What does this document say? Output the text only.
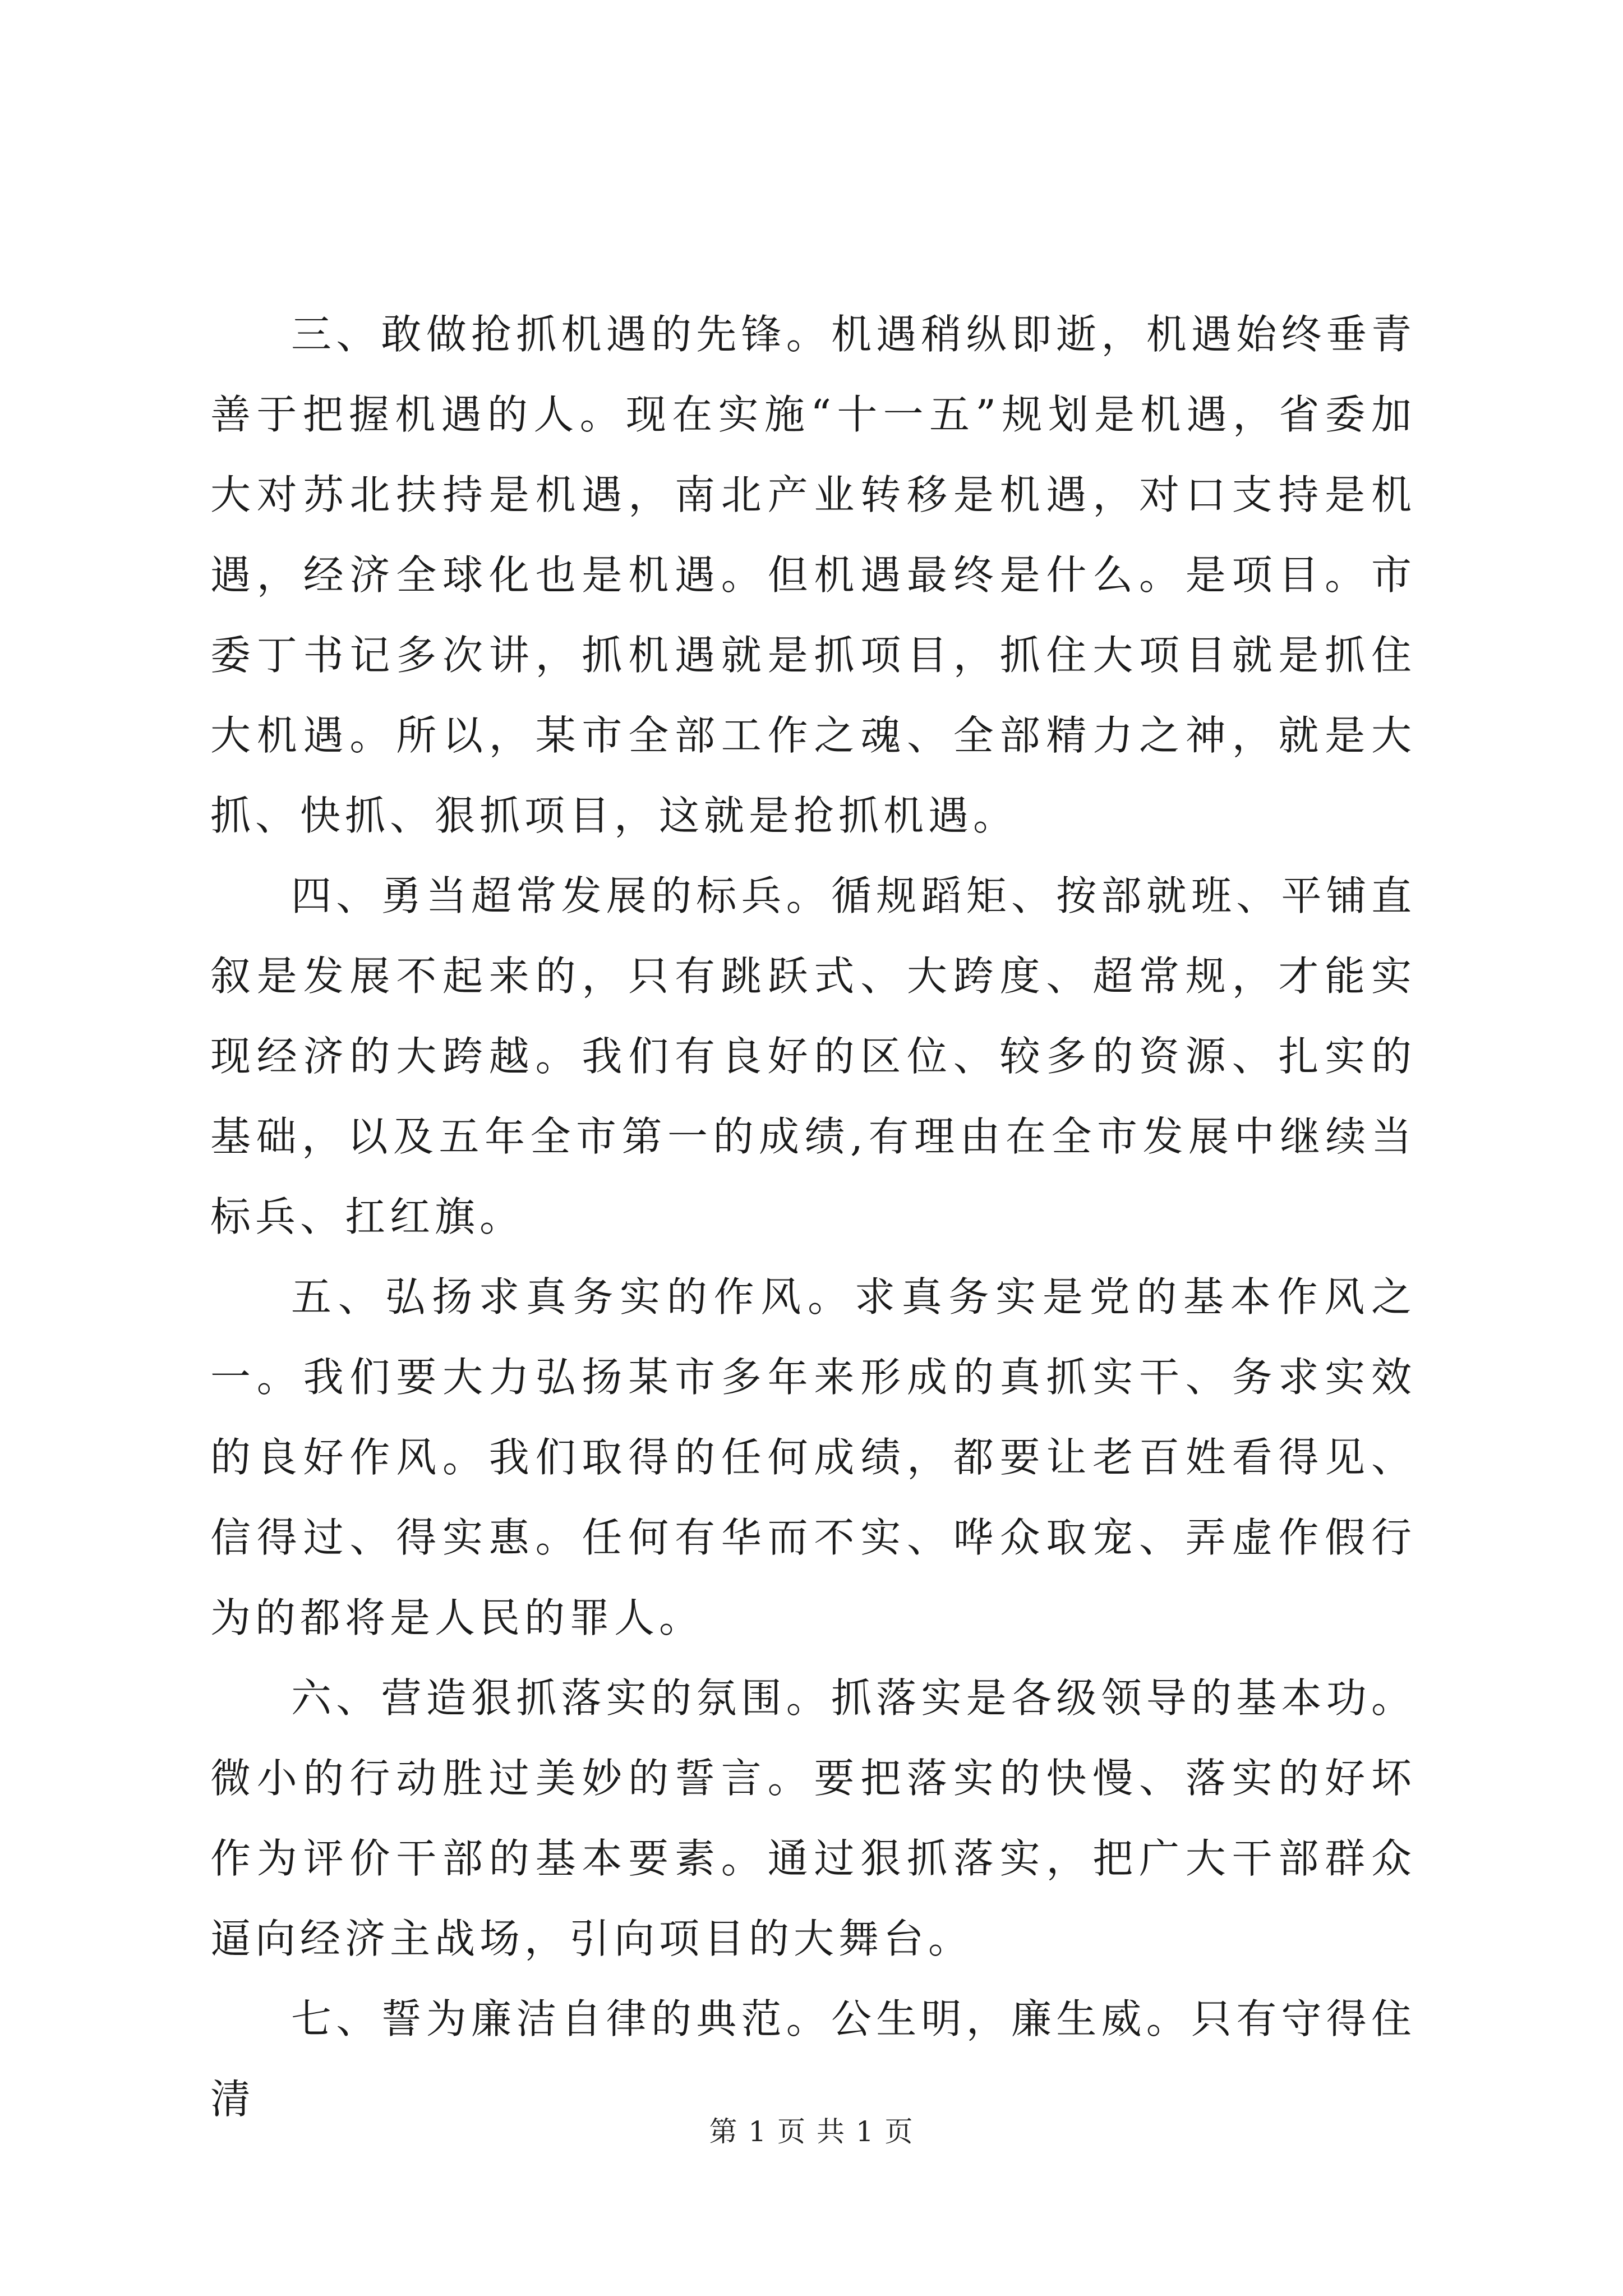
三、敢做抢抓机遇的先锋。机遇稍纵即逝，机遇始终垂青善于把握机遇的人。现在实施“十一五”规划是机遇，省委加大对苏北扶持是机遇，南北产业转移是机遇，对口支持是机遇，经济全球化也是机遇。但机遇最终是什么。是项目。市委丁书记多次讲，抓机遇就是抓项目，抓住大项目就是抓住大机遇。所以，某市全部工作之魂、全部精力之神，就是大抓、快抓、狠抓项目，这就是抢抓机遇。

四、勇当超常发展的标兵。循规蹈矩、按部就班、平铺直叙是发展不起来的，只有跳跃式、大跨度、超常规，才能实现经济的大跨越。我们有良好的区位、较多的资源、扎实的基础，以及五年全市第一的成绩,有理由在全市发展中继续当标兵、扛红旗。

五、弘扬求真务实的作风。求真务实是党的基本作风之一。我们要大力弘扬某市多年来形成的真抓实干、务求实效的良好作风。我们取得的任何成绩，都要让老百姓看得见、信得过、得实惠。任何有华而不实、哗众取宠、弄虚作假行为的都将是人民的罪人。

六、营造狠抓落实的氛围。抓落实是各级领导的基本功。微小的行动胜过美妙的誓言。要把落实的快慢、落实的好坏作为评价干部的基本要素。通过狠抓落实，把广大干部群众逼向经济主战场，引向项目的大舞台。

七、誓为廉洁自律的典范。公生明，廉生威。只有守得住清

第 1 页 共 1 页
